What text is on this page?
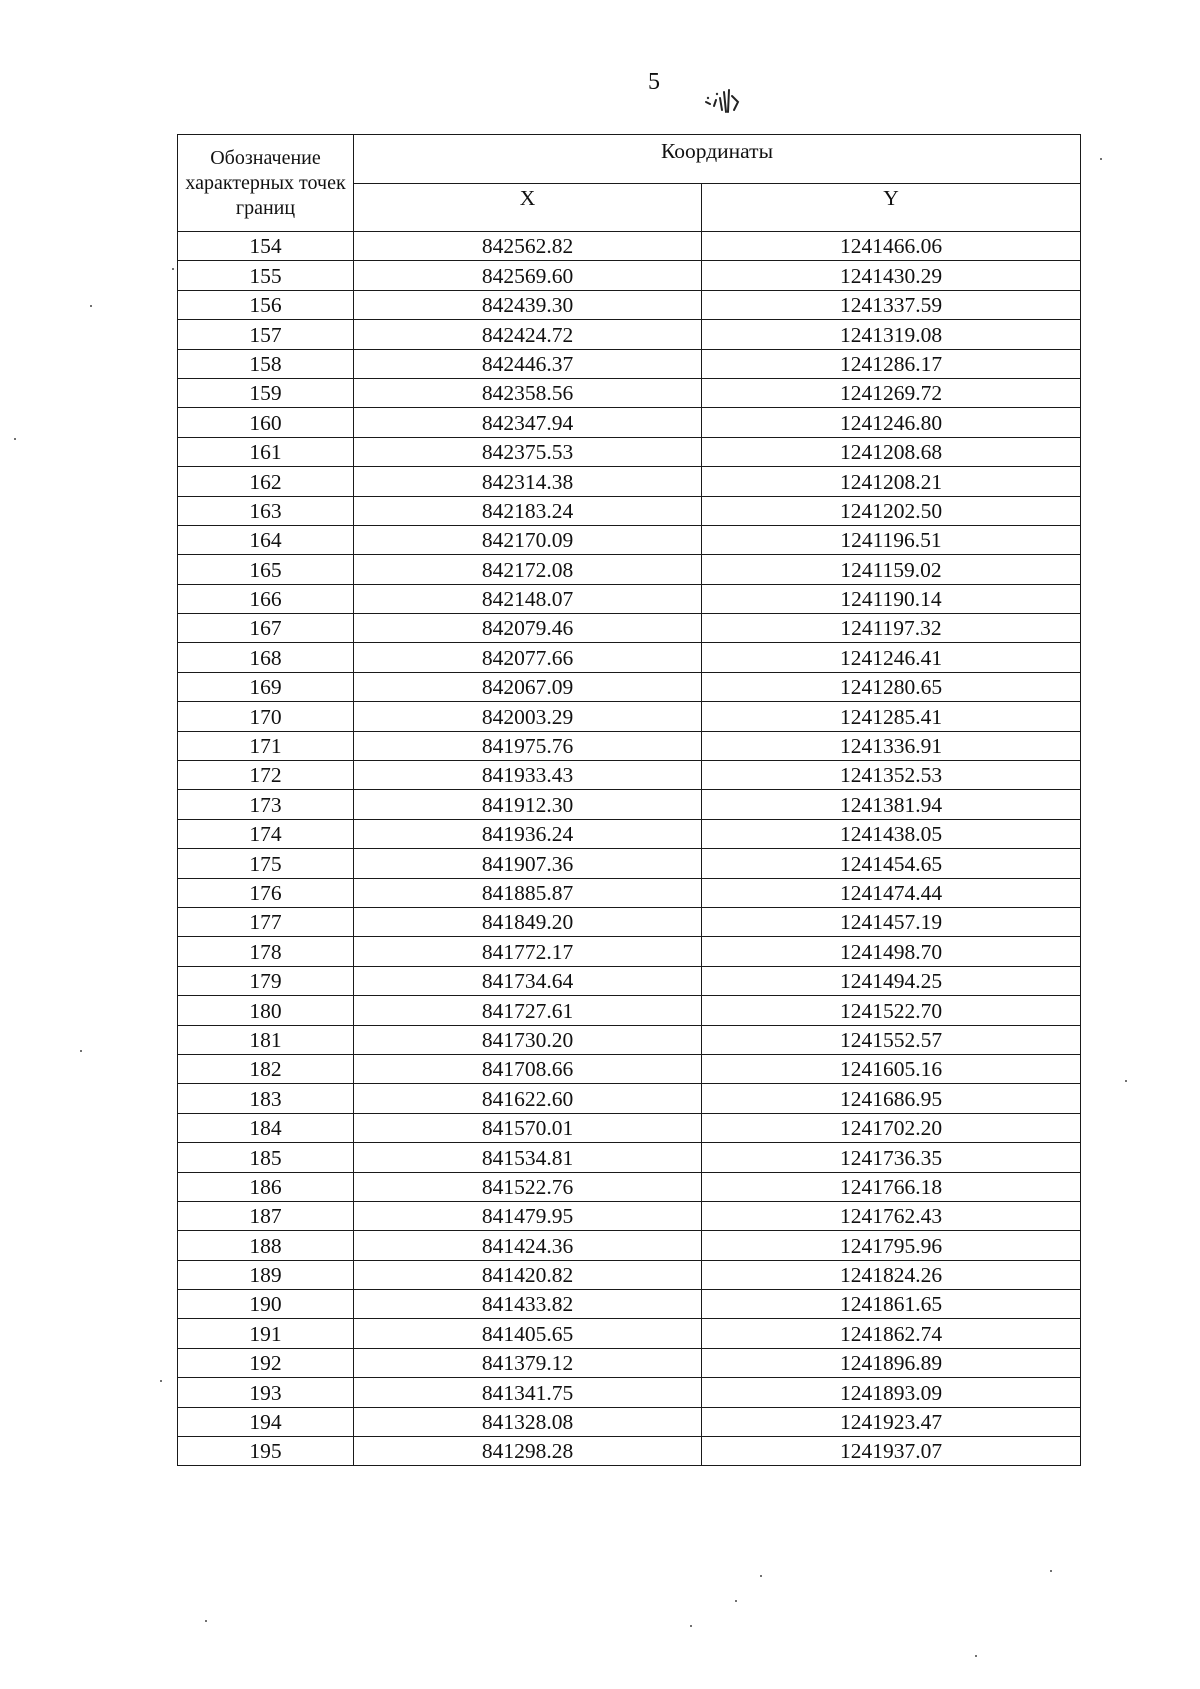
5
Обозначение характерных точек границ	Координаты	
	X	Y
154	842562.82	1241466.06
155	842569.60	1241430.29
156	842439.30	1241337.59
157	842424.72	1241319.08
158	842446.37	1241286.17
159	842358.56	1241269.72
160	842347.94	1241246.80
161	842375.53	1241208.68
162	842314.38	1241208.21
163	842183.24	1241202.50
164	842170.09	1241196.51
165	842172.08	1241159.02
166	842148.07	1241190.14
167	842079.46	1241197.32
168	842077.66	1241246.41
169	842067.09	1241280.65
170	842003.29	1241285.41
171	841975.76	1241336.91
172	841933.43	1241352.53
173	841912.30	1241381.94
174	841936.24	1241438.05
175	841907.36	1241454.65
176	841885.87	1241474.44
177	841849.20	1241457.19
178	841772.17	1241498.70
179	841734.64	1241494.25
180	841727.61	1241522.70
181	841730.20	1241552.57
182	841708.66	1241605.16
183	841622.60	1241686.95
184	841570.01	1241702.20
185	841534.81	1241736.35
186	841522.76	1241766.18
187	841479.95	1241762.43
188	841424.36	1241795.96
189	841420.82	1241824.26
190	841433.82	1241861.65
191	841405.65	1241862.74
192	841379.12	1241896.89
193	841341.75	1241893.09
194	841328.08	1241923.47
195	841298.28	1241937.07
